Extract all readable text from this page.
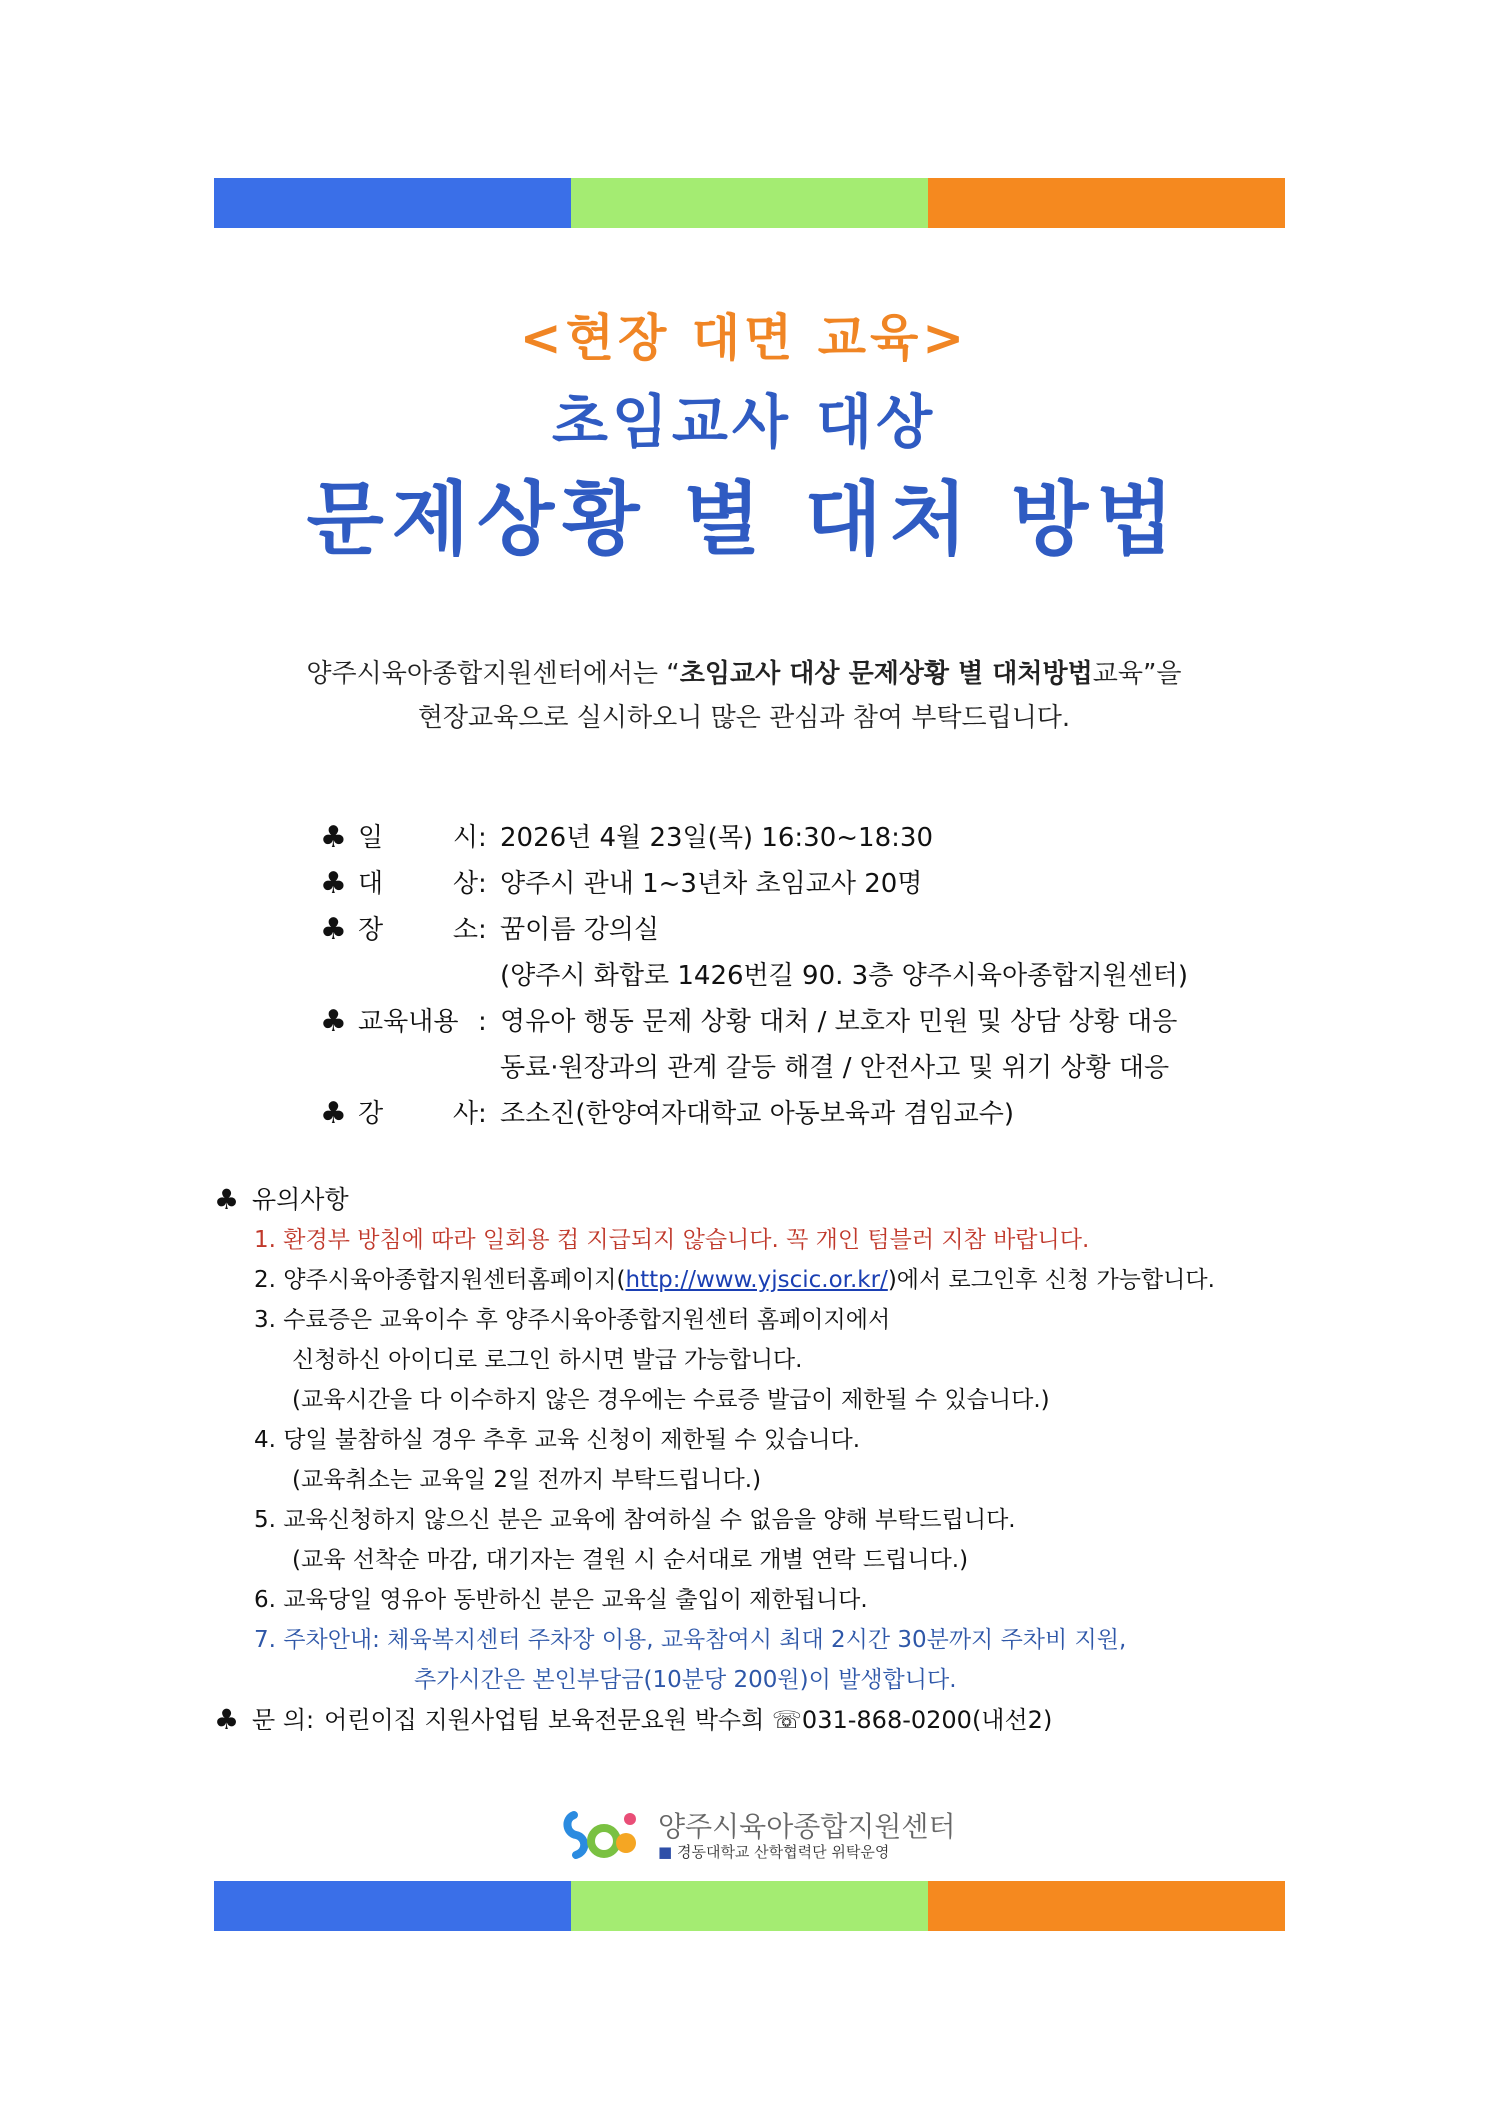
<현장 대면 교육>
초임교사 대상
문제상황 별 대처 방법
양주시육아종합지원센터에서는 “초임교사 대상 문제상황 별 대처방법교육”을
현장교육으로 실시하오니 많은 관심과 참여 부탁드립니다.
♣ 일	시 : 2026년 4월 23일(목) 16:30~18:30
♣ 대	상 : 양주시 관내 1~3년차 초임교사 20명
♣ 장	소 : 꿈이름 강의실
(양주시 화합로 1426번길 90. 3층 양주시육아종합지원센터)
♣ 교육내용 : 영유아 행동 문제 상황 대처 / 보호자 민원 및 상담 상황 대응
동료·원장과의 관계 갈등 해결 / 안전사고 및 위기 상황 대응
♣ 강	사 : 조소진(한양여자대학교 아동보육과 겸임교수)
♣ 유의사항
1. 환경부 방침에 따라 일회용 컵 지급되지 않습니다. 꼭 개인 텀블러 지참 바랍니다.
2. 양주시육아종합지원센터홈페이지(http://www.yjscic.or.kr/)에서 로그인후 신청 가능합니다.
3. 수료증은 교육이수 후 양주시육아종합지원센터 홈페이지에서
신청하신 아이디로 로그인 하시면 발급 가능합니다.
(교육시간을 다 이수하지 않은 경우에는 수료증 발급이 제한될 수 있습니다.)
4. 당일 불참하실 경우 추후 교육 신청이 제한될 수 있습니다.
(교육취소는 교육일 2일 전까지 부탁드립니다.)
5. 교육신청하지 않으신 분은 교육에 참여하실 수 없음을 양해 부탁드립니다.
(교육 선착순 마감, 대기자는 결원 시 순서대로 개별 연락 드립니다.)
6. 교육당일 영유아 동반하신 분은 교육실 출입이 제한됩니다.
7. 주차안내: 체육복지센터 주차장 이용, 교육참여시 최대 2시간 30분까지 주차비 지원,
추가시간은 본인부담금(10분당 200원)이 발생합니다.
♣ 문 의: 어린이집 지원사업팀 보육전문요원 박수희 ☏031-868-0200(내선2)
양주시육아종합지원센터
■ 경동대학교 산학협력단 위탁운영
